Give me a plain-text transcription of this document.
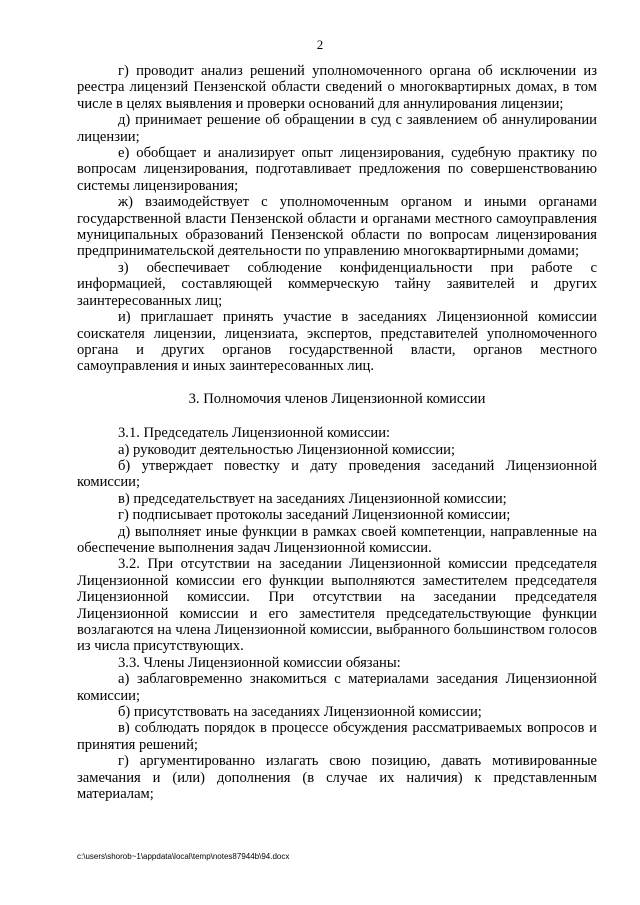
2

г) проводит анализ решений уполномоченного органа об исключении из реестра лицензий Пензенской области сведений о многоквартирных домах, в том числе в целях выявления и проверки оснований для аннулирования лицензии;

д) принимает решение об обращении в суд с заявлением об аннулировании лицензии;

е) обобщает и анализирует опыт лицензирования, судебную практику по вопросам лицензирования, подготавливает предложения по совершенствованию системы лицензирования;

ж) взаимодействует с уполномоченным органом и иными органами государственной власти Пензенской области и органами местного самоуправления муниципальных образований Пензенской области по вопросам лицензирования предпринимательской деятельности по управлению многоквартирными домами;

з) обеспечивает соблюдение конфиденциальности при работе с информацией, составляющей коммерческую тайну заявителей и других заинтересованных лиц;

и) приглашает принять участие в заседаниях Лицензионной комиссии соискателя лицензии, лицензиата, экспертов, представителей уполномоченного органа и других органов государственной власти, органов местного самоуправления и иных заинтересованных лиц.

3. Полномочия членов Лицензионной комиссии

3.1. Председатель Лицензионной комиссии:

а) руководит деятельностью Лицензионной комиссии;

б) утверждает повестку и дату проведения заседаний Лицензионной комиссии;

в) председательствует на заседаниях Лицензионной комиссии;

г) подписывает протоколы заседаний Лицензионной комиссии;

д) выполняет иные функции в рамках своей компетенции, направленные на обеспечение выполнения задач Лицензионной комиссии.

3.2. При отсутствии на заседании Лицензионной комиссии председателя Лицензионной комиссии его функции выполняются заместителем председателя Лицензионной комиссии. При отсутствии на заседании председателя Лицензионной комиссии и его заместителя председательствующие функции возлагаются на члена Лицензионной комиссии, выбранного большинством голосов из числа присутствующих.

3.3. Члены Лицензионной комиссии обязаны:

а) заблаговременно знакомиться с материалами заседания Лицензионной комиссии;

б) присутствовать на заседаниях Лицензионной комиссии;

в) соблюдать порядок в процессе обсуждения рассматриваемых вопросов и принятия решений;

г) аргументированно излагать свою позицию, давать мотивированные замечания и (или) дополнения (в случае их наличия) к представленным материалам;

c:\users\shorob~1\appdata\local\temp\notes87944b\94.docx
